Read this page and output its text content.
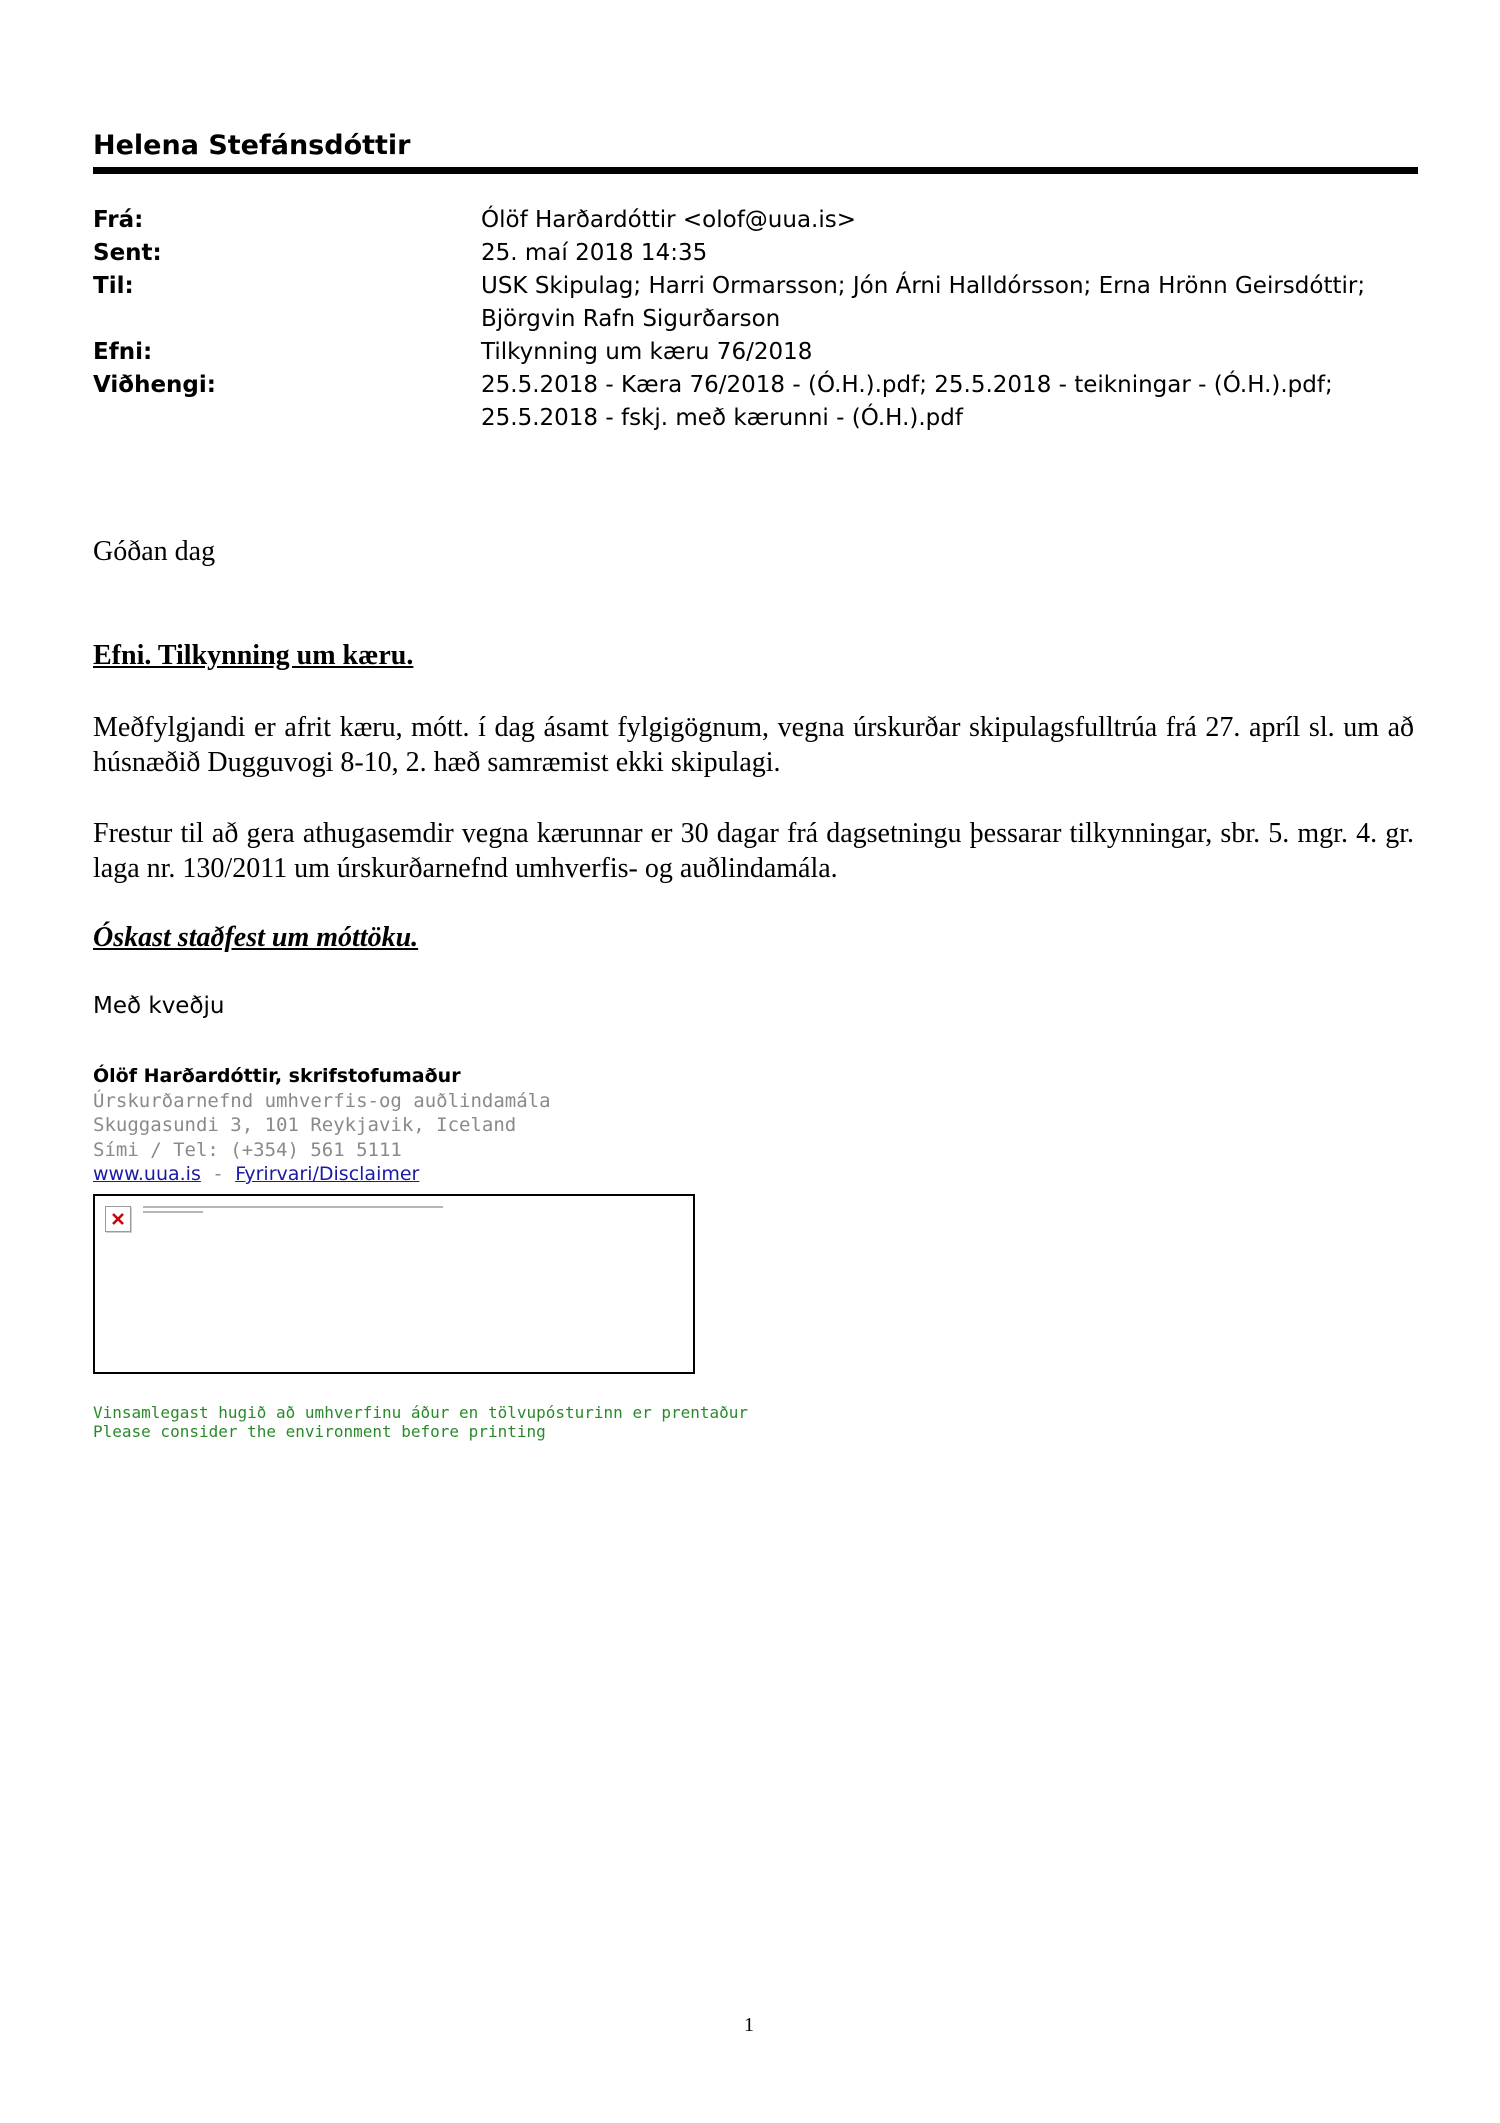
Helena Stefánsdóttir
Frá:	Ólöf Harðardóttir <olof@uua.is>
Sent:	25. maí 2018 14:35
Til:	USK Skipulag; Harri Ormarsson; Jón Árni Halldórsson; Erna Hrönn Geirsdóttir;
Björgvin Rafn Sigurðarson
Efni:	Tilkynning um kæru 76/2018
Viðhengi:	25.5.2018 - Kæra 76/2018 - (Ó.H.).pdf; 25.5.2018 - teikningar - (Ó.H.).pdf;
25.5.2018 - fskj. með kærunni - (Ó.H.).pdf
Góðan dag
Efni. Tilkynning um kæru.
Meðfylgjandi er afrit kæru, mótt. í dag ásamt fylgigögnum, vegna úrskurðar skipulagsfulltrúa frá 27. apríl sl. um að húsnæðið Dugguvogi 8-10, 2. hæð samræmist ekki skipulagi.
Frestur til að gera athugasemdir vegna kærunnar er 30 dagar frá dagsetningu þessarar tilkynningar, sbr. 5. mgr. 4. gr. laga nr. 130/2011 um úrskurðarnefnd umhverfis- og auðlindamála.
Óskast staðfest um móttöku.
Með kveðju
Ólöf Harðardóttir, skrifstofumaður
Úrskurðarnefnd umhverfis-og auðlindamála
Skuggasundi 3, 101 Reykjavik, Iceland
Sími / Tel: (+354) 561 5111
www.uua.is - Fyrirvari/Disclaimer
Vinsamlegast hugið að umhverfinu áður en tölvupósturinn er prentaður
Please consider the environment before printing
1
